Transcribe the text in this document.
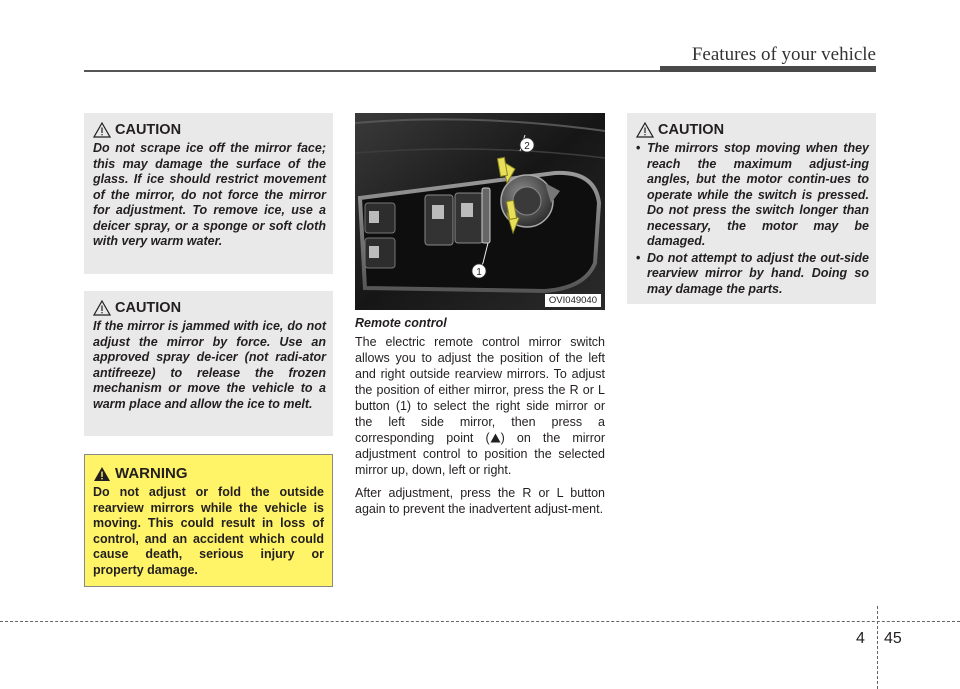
Features of your vehicle
CAUTION
Do not scrape ice off the mirror face; this may damage the surface of the glass. If ice should restrict movement of the mirror, do not force the mirror for adjustment. To remove ice, use a deicer spray, or a sponge or soft cloth with very warm water.
CAUTION
If the mirror is jammed with ice, do not adjust the mirror by force. Use an approved spray de-icer (not radi-ator antifreeze) to release the frozen mechanism or move the vehicle to a warm place and allow the ice to melt.
WARNING
Do not adjust or fold the outside rearview mirrors while the vehicle is moving. This could result in loss of control, and an accident which could cause death, serious injury or property damage.
1
2
OVI049040
Remote control

The electric remote control mirror switch allows you to adjust the position of the left and right outside rearview mirrors. To adjust the position of either mirror, press the R or L button (1) to select the right side mirror or the left side mirror, then press a corresponding point ( ) on the mirror adjustment control to position the selected mirror up, down, left or right.

After adjustment, press the R or L button again to prevent the inadvertent adjust-ment.

CAUTION
• The mirrors stop moving when they reach the maximum adjust-ing angles, but the motor contin-ues to operate while the switch is pressed. Do not press the switch longer than necessary, the motor may be damaged.
• Do not attempt to adjust the out-side rearview mirror by hand. Doing so may damage the parts.
4 45
